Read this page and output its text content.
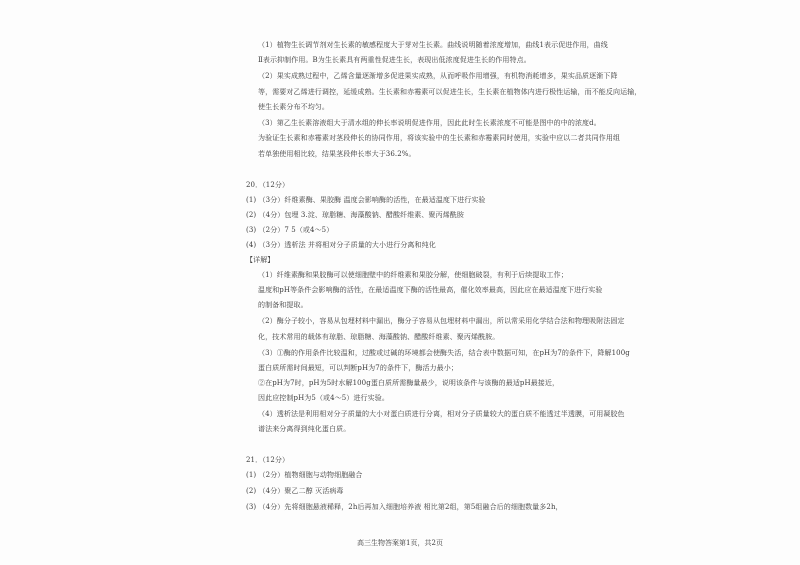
（1）植物生长调节剂对生长素的敏感程度大于芽对生长素。曲线说明随着浓度增加，曲线1表示促进作用，曲线
Ⅱ表示抑制作用。B为生长素具有两重性促进生长，表现出低浓度促进生长的作用特点。
（2）果实成熟过程中，乙烯含量逐渐增多促进果实成熟，从而呼吸作用增强，有机物消耗增多，果实品质逐渐下降
等，需要对乙烯进行调控，延缓成熟。生长素和赤霉素可以促进生长，生长素在植物体内进行极性运输，而不能反向运输，
使生长素分布不均匀。
（3）第乙生长素溶液组大于清水组的伸长率说明促进作用，因此此时生长素浓度不可能是图中的中的浓度d。
为验证生长素和赤霉素对茎段伸长的协同作用，将该实验中的生长素和赤霉素同时使用，实验中应以二者共同作用组
若单独使用相比较，结果茎段伸长率大于36.2%。
20．（12分）
(1) （3分）纤维素酶、果胶酶 温度会影响酶的活性，在最适温度下进行实验
(2) （4分）包埋 3.淀、琼脂糖、海藻酸钠、醋酸纤维素、聚丙烯酰胺
(3) （2分）7 5（或4～5）
(4) （3分）透析法 并将相对分子质量的大小进行分离和纯化
【详解】
（1）纤维素酶和果胶酶可以使细胞壁中的纤维素和果胶分解，使细胞破裂，有利于后续提取工作；
温度和pH等条件会影响酶的活性，在最适温度下酶的活性最高，催化效率最高，因此应在最适温度下进行实验
的制备和提取。
（2）酶分子较小，容易从包埋材料中漏出，酶分子容易从包埋材料中漏出，所以常采用化学结合法和物理吸附法固定
化，技术常用的载体有琼脂、琼脂糖、海藻酸钠、醋酸纤维素、聚丙烯酰胺。
（3）①酶的作用条件比较温和，过酸或过碱的环境都会使酶失活，结合表中数据可知，在pH为7的条件下，降解100g
蛋白质所需时间最短，可以判断pH为7的条件下，酶活力最小；
②在pH为7时，pH为5时水解100g蛋白质所需酶量最少，说明该条件与该酶的最适pH最接近，
因此应控制pH为5（或4～5）进行实验。
（4）透析法是利用相对分子质量的大小对蛋白质进行分离，相对分子质量较大的蛋白质不能透过半透膜，可用凝胶色
谱法来分离得到纯化蛋白质。
21．（12分）
(1) （2分）植物细胞与动物细胞融合
(2) （4分）聚乙二醇 灭活病毒
(3) （4分）先将细胞悬液稀释，2h后再加入细胞培养液 相比第2组，第5组融合后的细胞数量多2h，
高三生物答案第1页，共2页
